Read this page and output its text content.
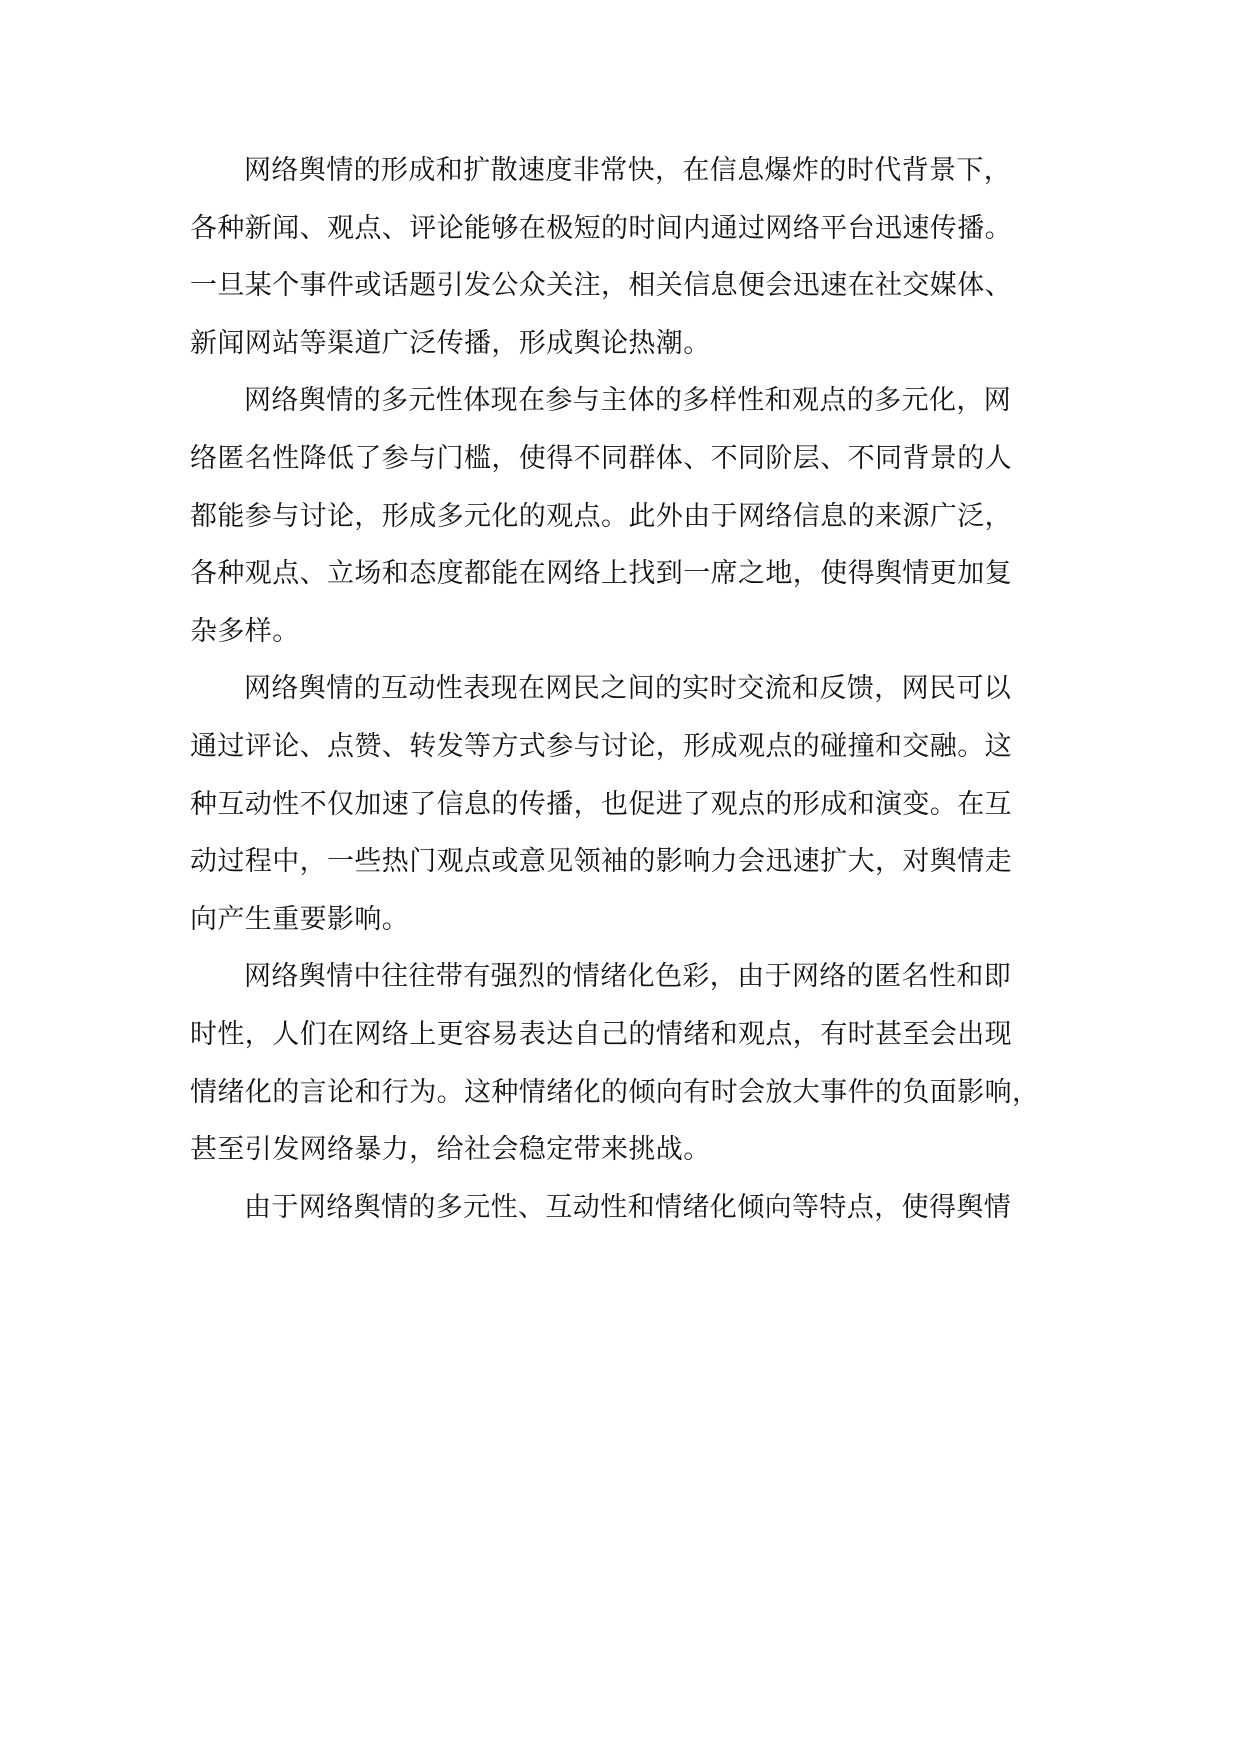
网络舆情的形成和扩散速度非常快，在信息爆炸的时代背景下，
各种新闻、观点、评论能够在极短的时间内通过网络平台迅速传播。
一旦某个事件或话题引发公众关注，相关信息便会迅速在社交媒体、
新闻网站等渠道广泛传播，形成舆论热潮。

网络舆情的多元性体现在参与主体的多样性和观点的多元化，网
络匿名性降低了参与门槛，使得不同群体、不同阶层、不同背景的人
都能参与讨论，形成多元化的观点。此外由于网络信息的来源广泛，
各种观点、立场和态度都能在网络上找到一席之地，使得舆情更加复
杂多样。

网络舆情的互动性表现在网民之间的实时交流和反馈，网民可以
通过评论、点赞、转发等方式参与讨论，形成观点的碰撞和交融。这
种互动性不仅加速了信息的传播，也促进了观点的形成和演变。在互
动过程中，一些热门观点或意见领袖的影响力会迅速扩大，对舆情走
向产生重要影响。

网络舆情中往往带有强烈的情绪化色彩，由于网络的匿名性和即
时性，人们在网络上更容易表达自己的情绪和观点，有时甚至会出现
情绪化的言论和行为。这种情绪化的倾向有时会放大事件的负面影响，
甚至引发网络暴力，给社会稳定带来挑战。

由于网络舆情的多元性、互动性和情绪化倾向等特点，使得舆情
